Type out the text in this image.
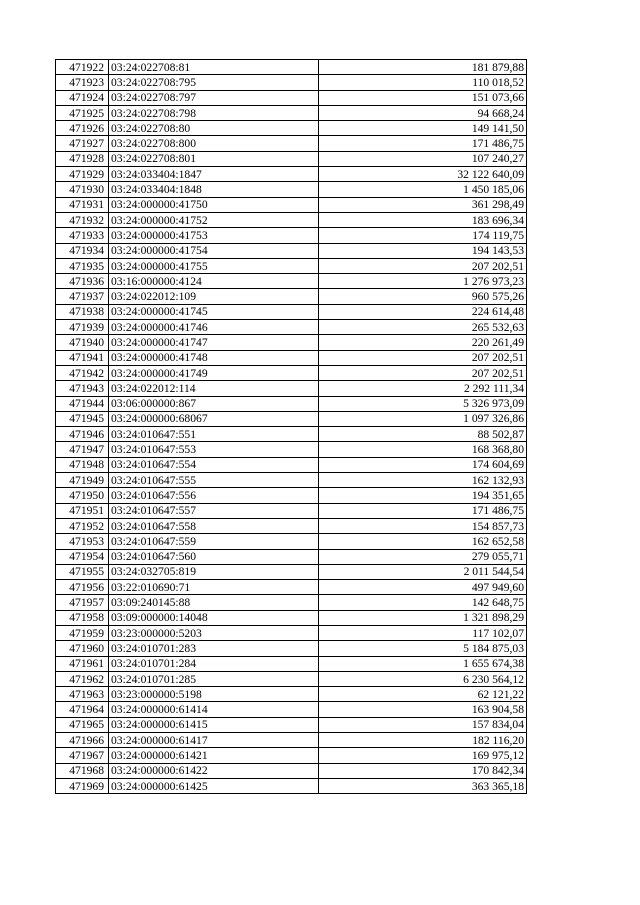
471922	03:24:022708:81	181 879,88
471923	03:24:022708:795	110 018,52
471924	03:24:022708:797	151 073,66
471925	03:24:022708:798	94 668,24
471926	03:24:022708:80	149 141,50
471927	03:24:022708:800	171 486,75
471928	03:24:022708:801	107 240,27
471929	03:24:033404:1847	32 122 640,09
471930	03:24:033404:1848	1 450 185,06
471931	03:24:000000:41750	361 298,49
471932	03:24:000000:41752	183 696,34
471933	03:24:000000:41753	174 119,75
471934	03:24:000000:41754	194 143,53
471935	03:24:000000:41755	207 202,51
471936	03:16:000000:4124	1 276 973,23
471937	03:24:022012:109	960 575,26
471938	03:24:000000:41745	224 614,48
471939	03:24:000000:41746	265 532,63
471940	03:24:000000:41747	220 261,49
471941	03:24:000000:41748	207 202,51
471942	03:24:000000:41749	207 202,51
471943	03:24:022012:114	2 292 111,34
471944	03:06:000000:867	5 326 973,09
471945	03:24:000000:68067	1 097 326,86
471946	03:24:010647:551	88 502,87
471947	03:24:010647:553	168 368,80
471948	03:24:010647:554	174 604,69
471949	03:24:010647:555	162 132,93
471950	03:24:010647:556	194 351,65
471951	03:24:010647:557	171 486,75
471952	03:24:010647:558	154 857,73
471953	03:24:010647:559	162 652,58
471954	03:24:010647:560	279 055,71
471955	03:24:032705:819	2 011 544,54
471956	03:22:010690:71	497 949,60
471957	03:09:240145:88	142 648,75
471958	03:09:000000:14048	1 321 898,29
471959	03:23:000000:5203	117 102,07
471960	03:24:010701:283	5 184 875,03
471961	03:24:010701:284	1 655 674,38
471962	03:24:010701:285	6 230 564,12
471963	03:23:000000:5198	62 121,22
471964	03:24:000000:61414	163 904,58
471965	03:24:000000:61415	157 834,04
471966	03:24:000000:61417	182 116,20
471967	03:24:000000:61421	169 975,12
471968	03:24:000000:61422	170 842,34
471969	03:24:000000:61425	363 365,18
